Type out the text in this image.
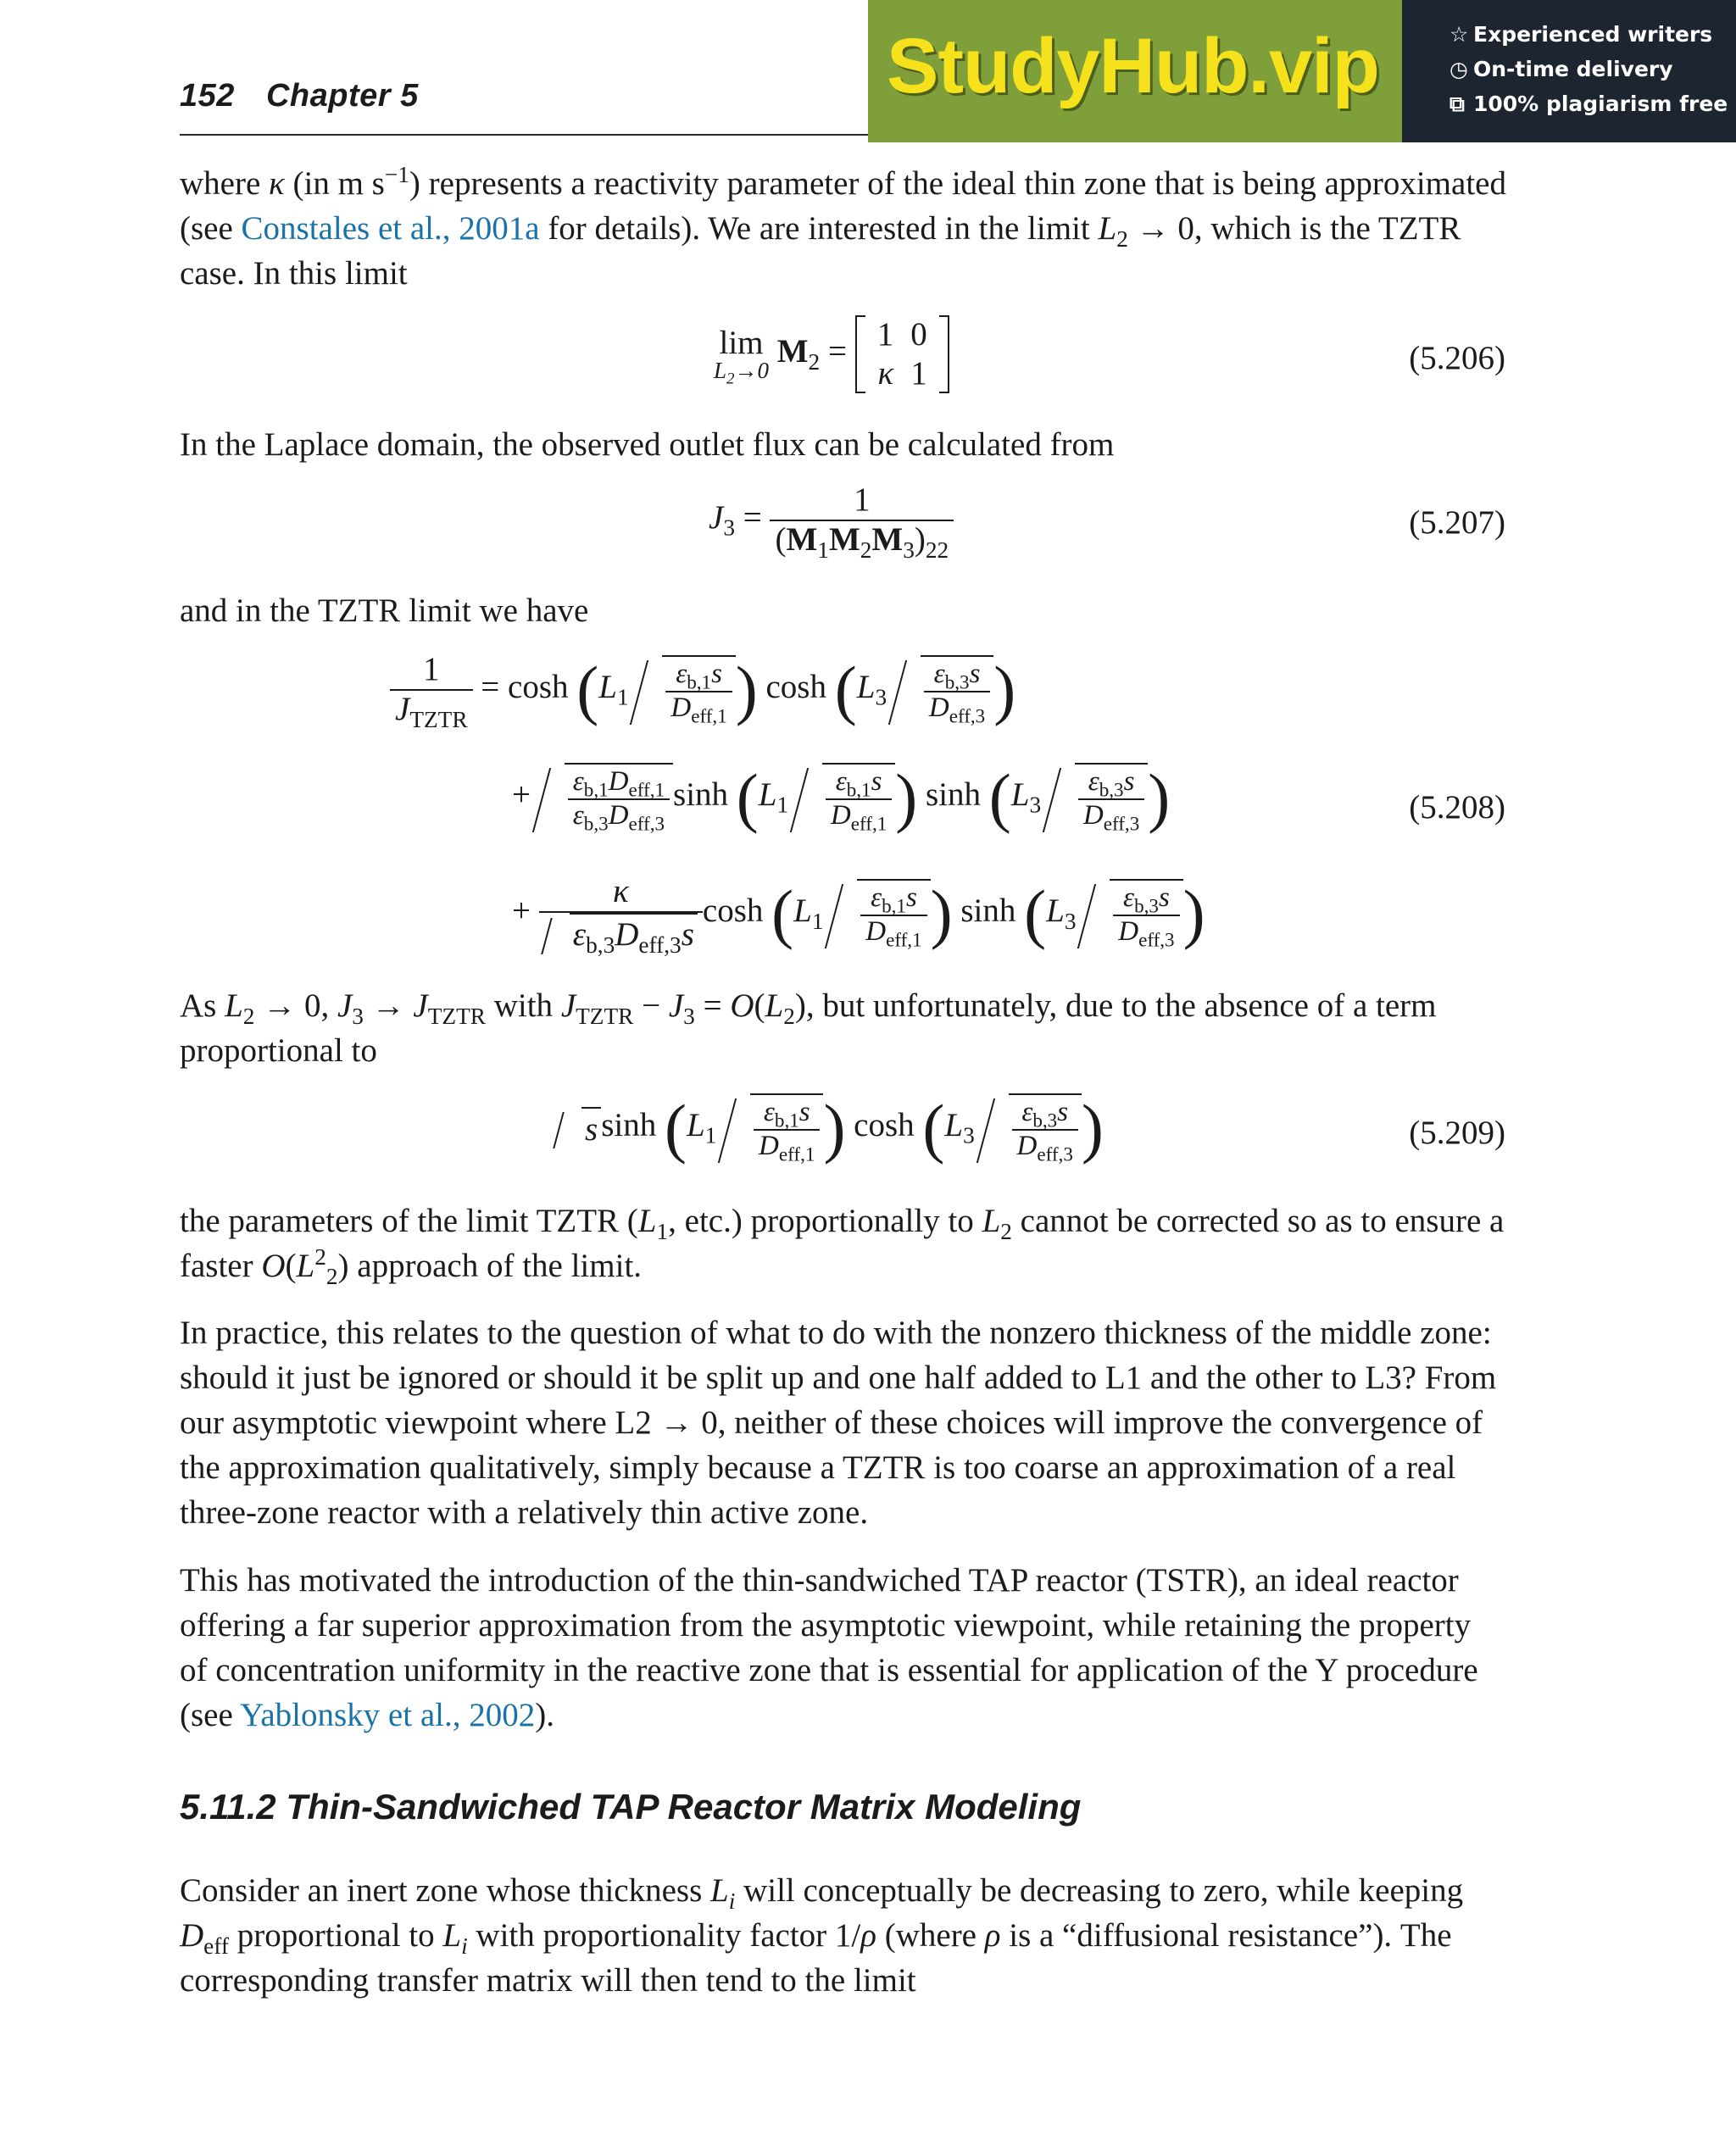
152 Chapter 5	StudyHub.vip	☆ Experienced writers
◷ On-time delivery
⧉ 100% plagiarism free

where κ (in m $s^{-1}$) represents a reactivity parameter of the ideal thin zone that is being approximated (see Constales et al., 2001a for details). We are interested in the limit $L_2 \to 0$, which is the TZTR case. In this limit

lim
$L_2\to 0$
$M_2 = 1$	0
κ	1	(5.206)

In the Laplace domain, the observed outlet flux can be calculated from

$J_3 = \frac{1}{(M_1M_2M_3)_{22}}$	(5.207)

and in the TZTR limit we have

$\frac{1}{J_{TZTR}} = \cosh (L_1 \frac{\varepsilon_{b,1}s}{D_{eff,1}}$ ) $\cosh (L_3 \frac{\varepsilon_{b,3}s}{D_{eff,3}}$ )
+ $\frac{\varepsilon_{b,1}D_{eff,1}}{\varepsilon_{b,3}D_{eff,3}}$ $\sinh (L_1 \frac{\varepsilon_{b,1}s}{D_{eff,1}}$ ) $\sinh (L_3 \frac{\varepsilon_{b,3}s}{D_{eff,3}}$ )	(5.208)
+ $\frac{\kappa}{\varepsilon_{b,3}D_{eff,3}s}$ $\cosh (L_1 \frac{\varepsilon_{b,1}s}{D_{eff,1}}$ ) $\sinh (L_3 \frac{\varepsilon_{b,3}s}{D_{eff,3}}$ )

As $L_2 \to 0$, $J_3 \to J_{TZTR}$ with $J_{TZTR} - J_3 = O(L_2)$, but unfortunately, due to the absence of a term proportional to

s $\sinh (L_1 \frac{\varepsilon_{b,1}s}{D_{eff,1}}$ ) $\cosh (L_3 \frac{\varepsilon_{b,3}s}{D_{eff,3}}$ )	(5.209)

the parameters of the limit TZTR ($L_1$, etc.) proportionally to $L_2$ cannot be corrected so as to ensure a faster $O(L^2_2)$ approach of the limit.

In practice, this relates to the question of what to do with the nonzero thickness of the middle zone: should it just be ignored or should it be split up and one half added to L1 and the other to L3? From our asymptotic viewpoint where L2 → 0, neither of these choices will improve the convergence of the approximation qualitatively, simply because a TZTR is too coarse an approximation of a real three-zone reactor with a relatively thin active zone.

This has motivated the introduction of the thin-sandwiched TAP reactor (TSTR), an ideal reactor offering a far superior approximation from the asymptotic viewpoint, while retaining the property of concentration uniformity in the reactive zone that is essential for application of the Y procedure (see Yablonsky et al., 2002).

5.11.2 Thin-Sandwiched TAP Reactor Matrix Modeling

Consider an inert zone whose thickness $L_i$ will conceptually be decreasing to zero, while keeping $D_{eff}$ proportional to $L_i$ with proportionality factor 1/ρ (where ρ is a “diffusional resistance”). The corresponding transfer matrix will then tend to the limit
